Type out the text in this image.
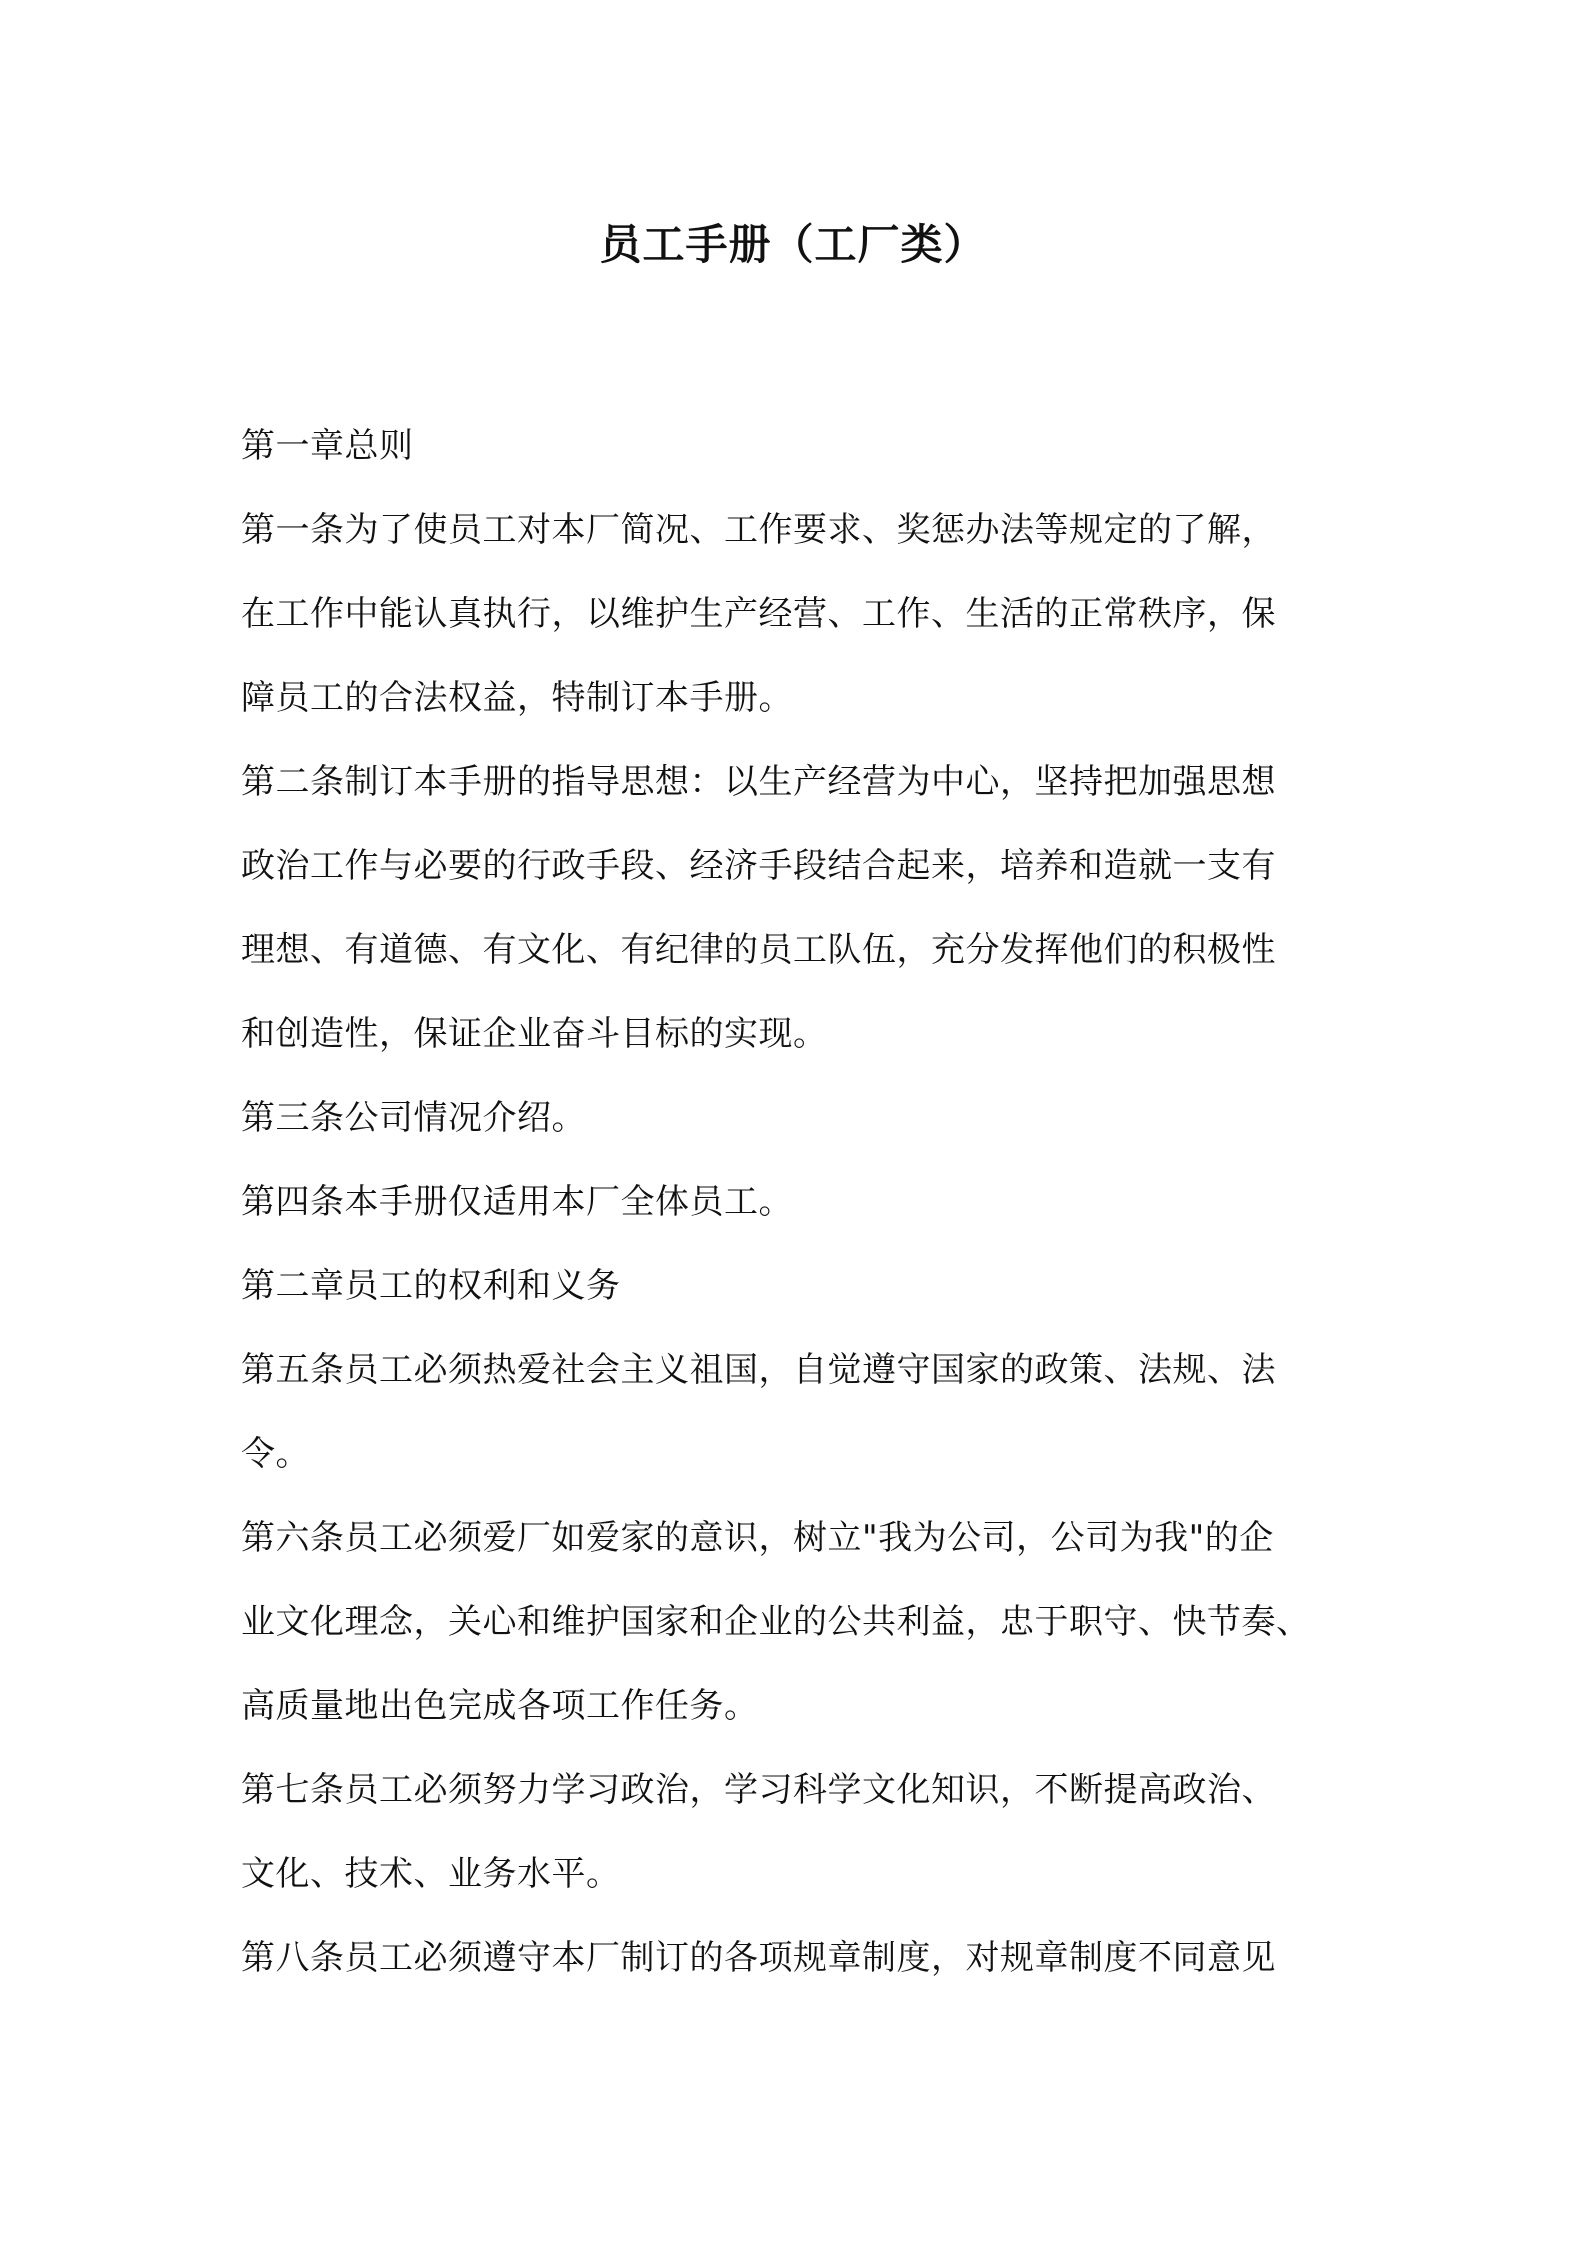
员工手册（工厂类）

第一章总则

第一条为了使员工对本厂简况、工作要求、奖惩办法等规定的了解，
在工作中能认真执行，以维护生产经营、工作、生活的正常秩序，保
障员工的合法权益，特制订本手册。

第二条制订本手册的指导思想：以生产经营为中心，坚持把加强思想
政治工作与必要的行政手段、经济手段结合起来，培养和造就一支有
理想、有道德、有文化、有纪律的员工队伍，充分发挥他们的积极性
和创造性，保证企业奋斗目标的实现。

第三条公司情况介绍。

第四条本手册仅适用本厂全体员工。

第二章员工的权利和义务

第五条员工必须热爱社会主义祖国，自觉遵守国家的政策、法规、法
令。

第六条员工必须爱厂如爱家的意识，树立"我为公司，公司为我"的企
业文化理念，关心和维护国家和企业的公共利益，忠于职守、快节奏、
高质量地出色完成各项工作任务。

第七条员工必须努力学习政治，学习科学文化知识，不断提高政治、
文化、技术、业务水平。

第八条员工必须遵守本厂制订的各项规章制度，对规章制度不同意见
